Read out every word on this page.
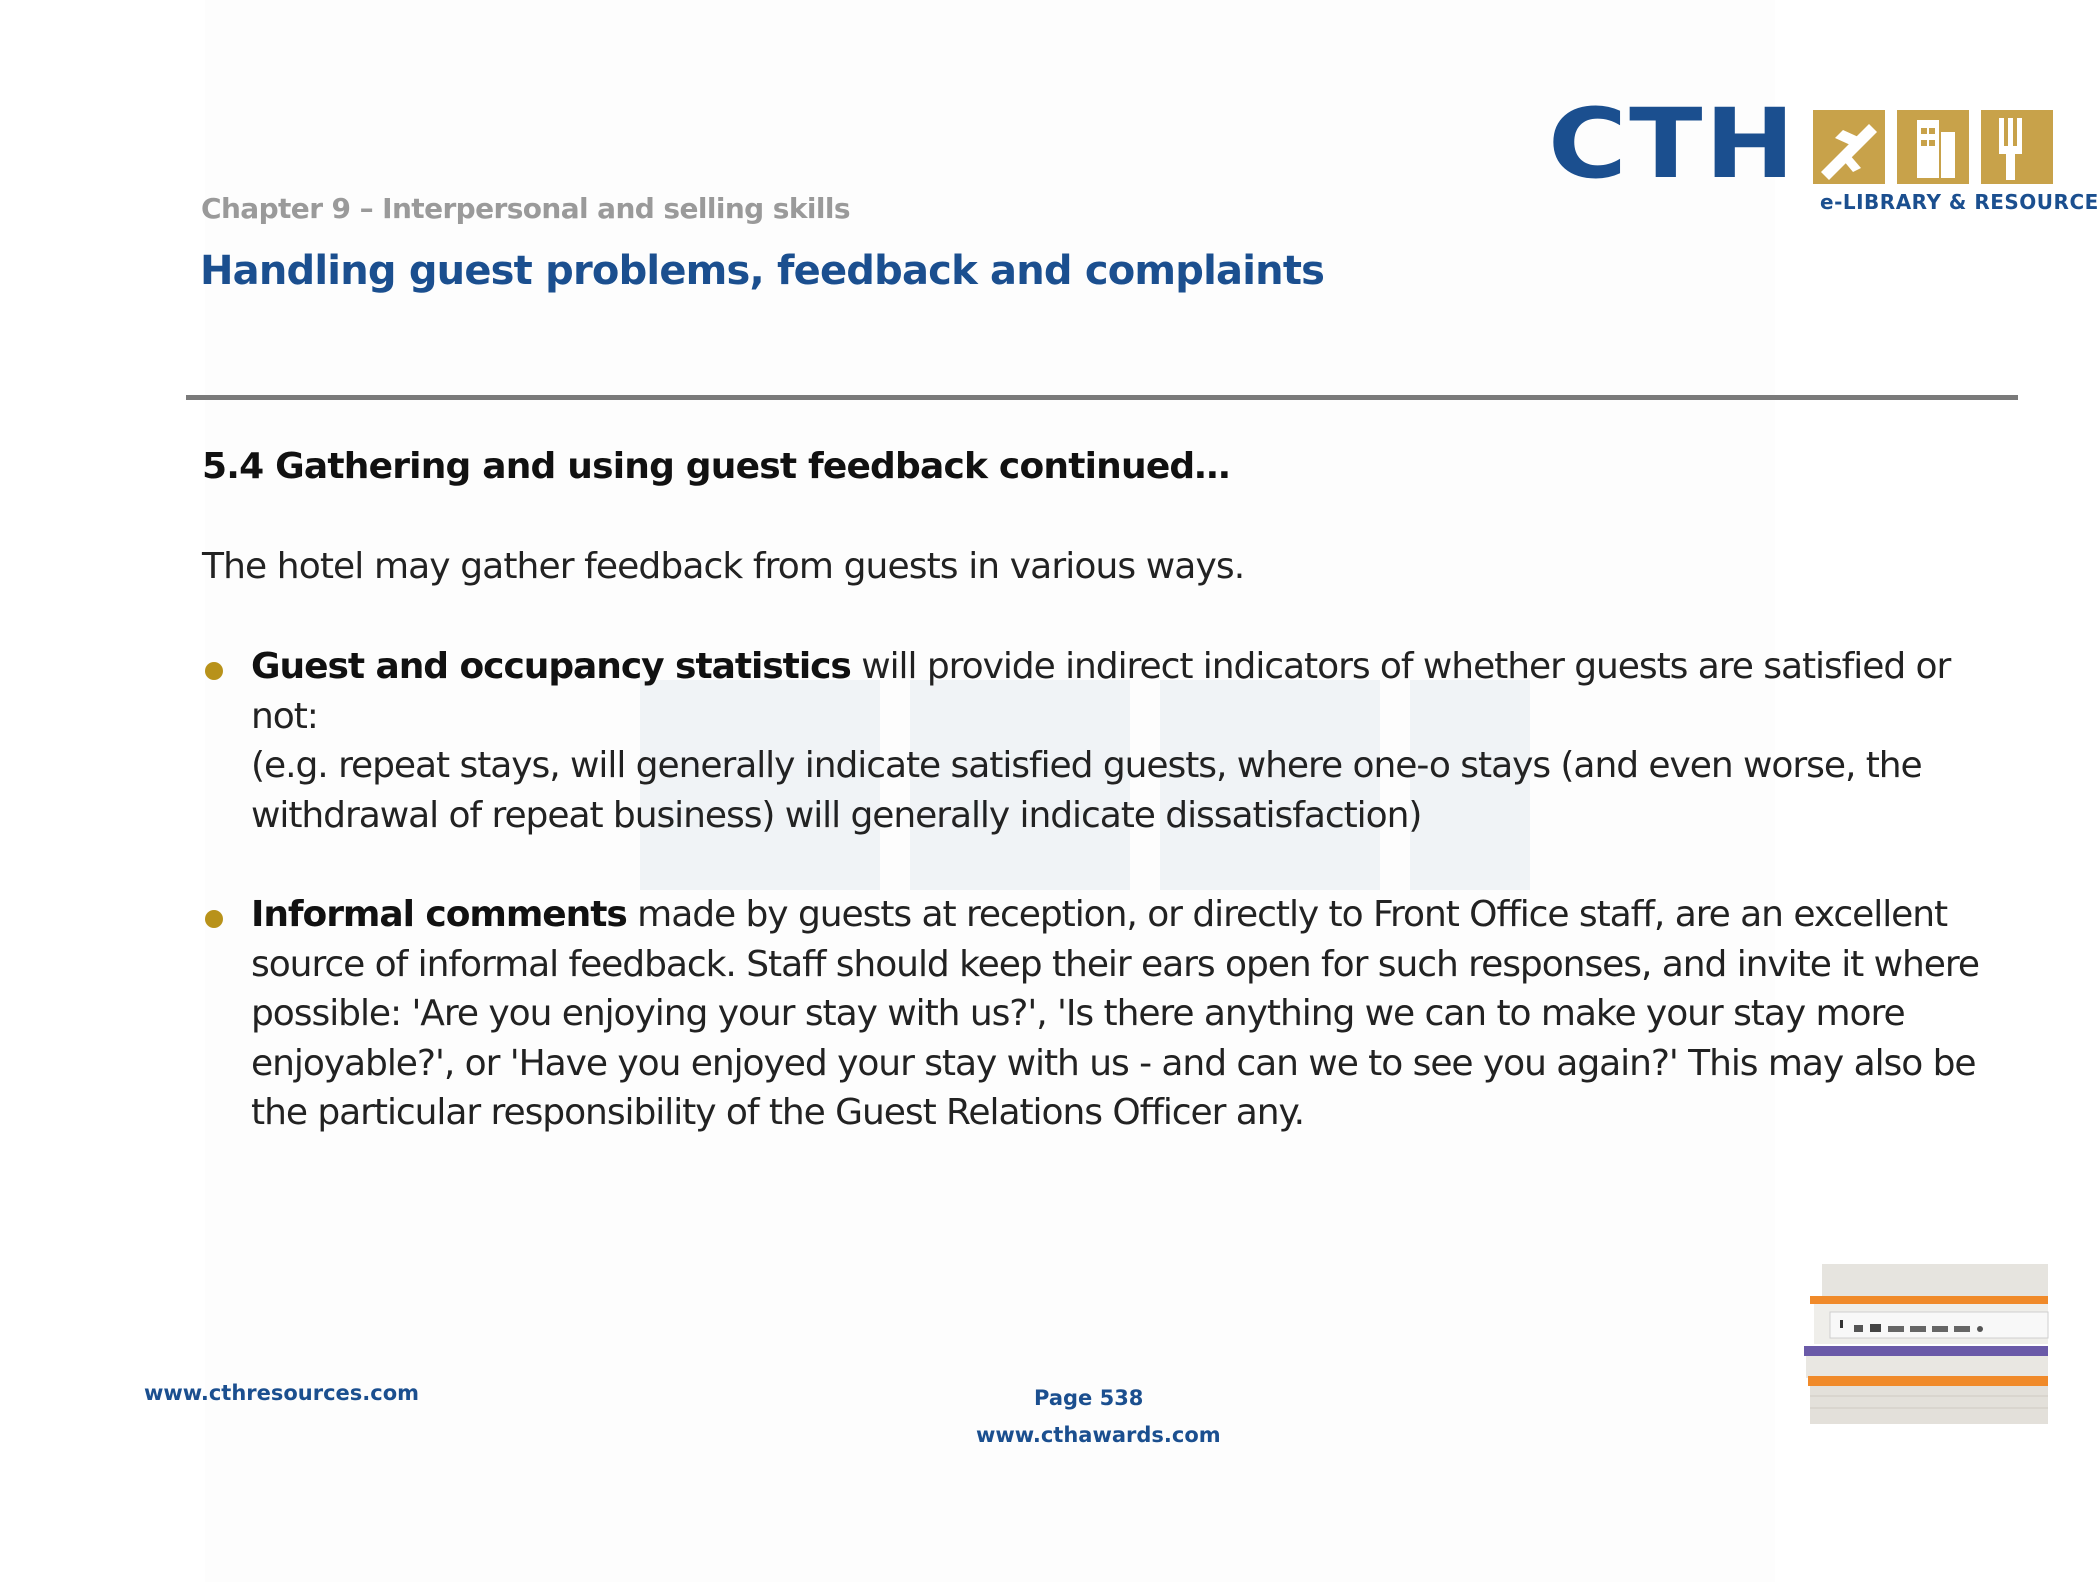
CTH
e-LIBRARY & RESOURCE
Chapter 9 – Interpersonal and selling skills
Handling guest problems, feedback and complaints
5.4 Gathering and using guest feedback continued…
The hotel may gather feedback from guests in various ways.
Guest and occupancy statistics will provide indirect indicators of whether guests are satisfied or not:
(e.g. repeat stays, will generally indicate satisfied guests, where one-o stays (and even worse, the
withdrawal of repeat business) will generally indicate dissatisfaction)
Informal comments made by guests at reception, or directly to Front Office staff, are an excellent
source of informal feedback. Staff should keep their ears open for such responses, and invite it where
possible: 'Are you enjoying your stay with us?', 'Is there anything we can to make your stay more
enjoyable?', or 'Have you enjoyed your stay with us - and can we to see you again?' This may also be
the particular responsibility of the Guest Relations Officer any.
www.cthresources.com	Page 538
www.cthawards.com
